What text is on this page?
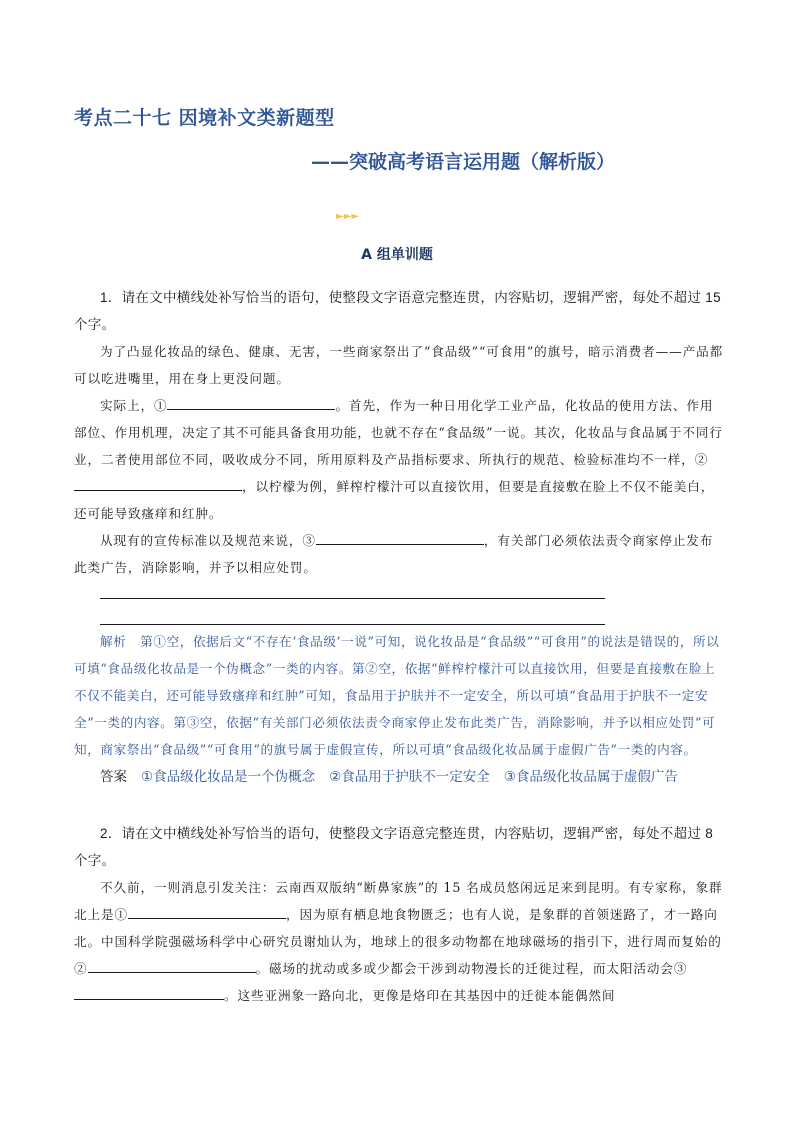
考点二十七 因境补文类新题型
——突破高考语言运用题（解析版）
►►►
A 组单训题
1．请在文中横线处补写恰当的语句，使整段文字语意完整连贯，内容贴切，逻辑严密，每处不超过 15 个字。
为了凸显化妆品的绿色、健康、无害，一些商家祭出了“食品级”“可食用”的旗号，暗示消费者——产品都可以吃进嘴里，用在身上更没问题。
实际上，①	。首先，作为一种日用化学工业产品，化妆品的使用方法、作用部位、作用机理，决定了其不可能具备食用功能，也就不存在“食品级”一说。其次，化妆品与食品属于不同行业，二者使用部位不同，吸收成分不同，所用原料及产品指标要求、所执行的规范、检验标准均不一样，②，以柠檬为例，鲜榨柠檬汁可以直接饮用，但要是直接敷在脸上不仅不能美白，还可能导致瘙痒和红肿。
从现有的宣传标准以及规范来说，③	，有关部门必须依法责令商家停止发布此类广告，消除影响，并予以相应处罚。
解析 第①空，依据后文“不存在‘食品级’一说”可知，说化妆品是“食品级”“可食用”的说法是错误的，所以可填“食品级化妆品是一个伪概念”一类的内容。第②空，依据“鲜榨柠檬汁可以直接饮用，但要是直接敷在脸上不仅不能美白，还可能导致瘙痒和红肿”可知，食品用于护肤并不一定安全，所以可填“食品用于护肤不一定安全”一类的内容。第③空，依据“有关部门必须依法责令商家停止发布此类广告，消除影响，并予以相应处罚”可知，商家祭出“食品级”“可食用”的旗号属于虚假宣传，所以可填“食品级化妆品属于虚假广告”一类的内容。
答案 ①食品级化妆品是一个伪概念 ②食品用于护肤不一定安全 ③食品级化妆品属于虚假广告
2．请在文中横线处补写恰当的语句，使整段文字语意完整连贯，内容贴切，逻辑严密，每处不超过 8 个字。
不久前，一则消息引发关注：云南西双版纳“断鼻家族”的 15 名成员悠闲远足来到昆明。有专家称，象群北上是①	，因为原有栖息地食物匮乏；也有人说，是象群的首领迷路了，才一路向北。中国科学院强磁场科学中心研究员谢灿认为，地球上的很多动物都在地球磁场的指引下，进行周而复始的②	。磁场的扰动或多或少都会干涉到动物漫长的迁徙过程，而太阳活动会③。这些亚洲象一路向北，更像是烙印在其基因中的迁徙本能偶然间
